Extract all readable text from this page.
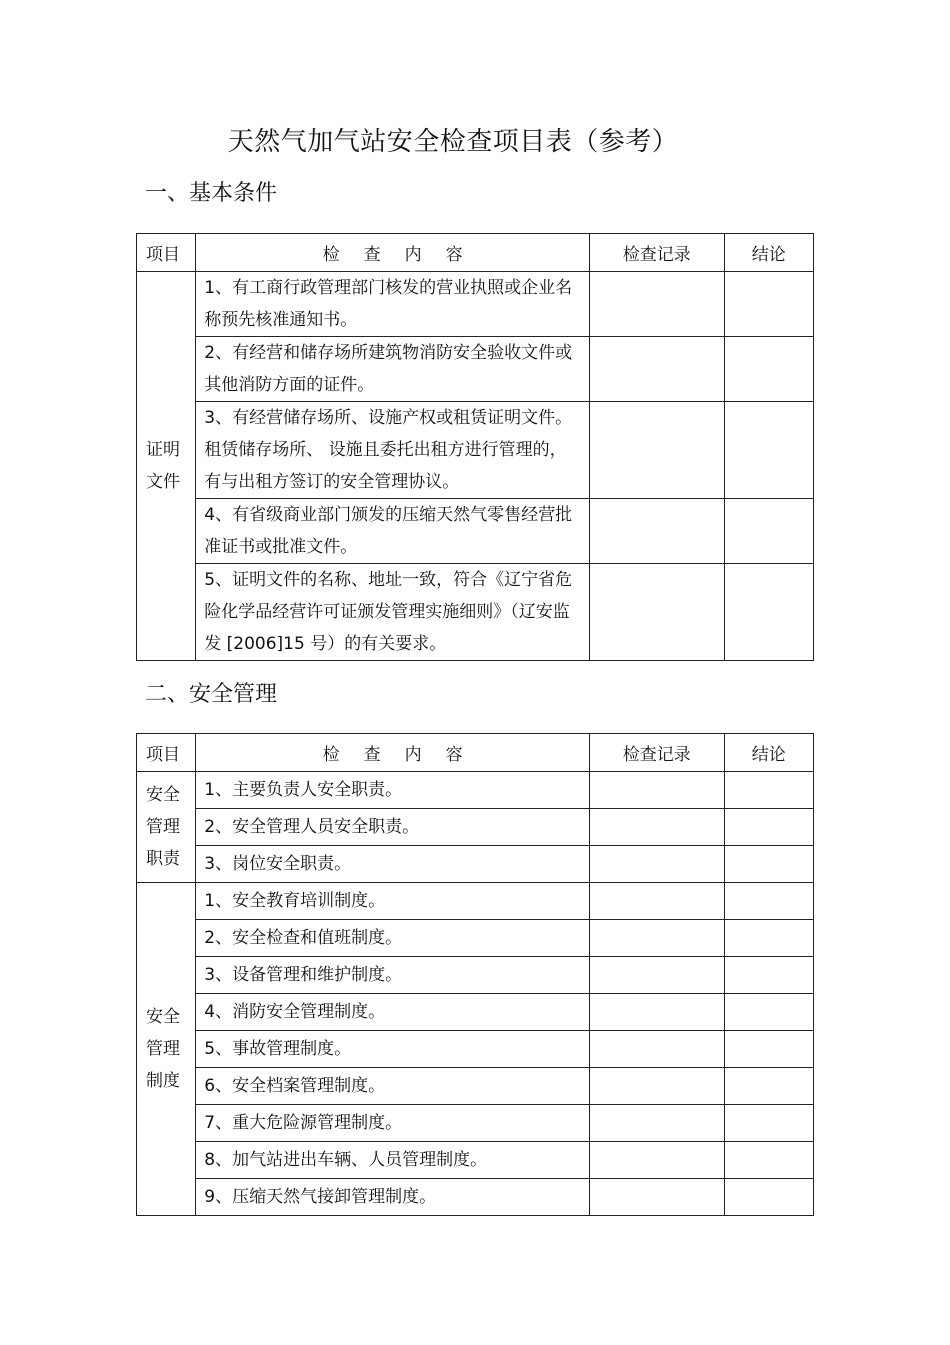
天然气加气站安全检查项目表（参考）
一、基本条件
项目	检查内容	检查记录	结论

证明
文件	1、有工商行政管理部门核发的营业执照或企业名称预先核准通知书。		
	2、有经营和储存场所建筑物消防安全验收文件或其他消防方面的证件。		
	3、有经营储存场所、设施产权或租赁证明文件。租赁储存场所、 设施且委托出租方进行管理的，有与出租方签订的安全管理协议。		
	4、有省级商业部门颁发的压缩天然气零售经营批准证书或批准文件。		
	5、证明文件的名称、地址一致，符合《辽宁省危险化学品经营许可证颁发管理实施细则》（辽安监发 [2006]15 号）的有关要求。		
二、安全管理
项目	检查内容	检查记录	结论

安全
管理
职责	1、主要负责人安全职责。		
	2、安全管理人员安全职责。		
	3、岗位安全职责。		

安全
管理
制度	1、安全教育培训制度。		
	2、安全检查和值班制度。		
	3、设备管理和维护制度。		
	4、消防安全管理制度。		
	5、事故管理制度。		
	6、安全档案管理制度。		
	7、重大危险源管理制度。		
	8、加气站进出车辆、人员管理制度。		
	9、压缩天然气接卸管理制度。		
